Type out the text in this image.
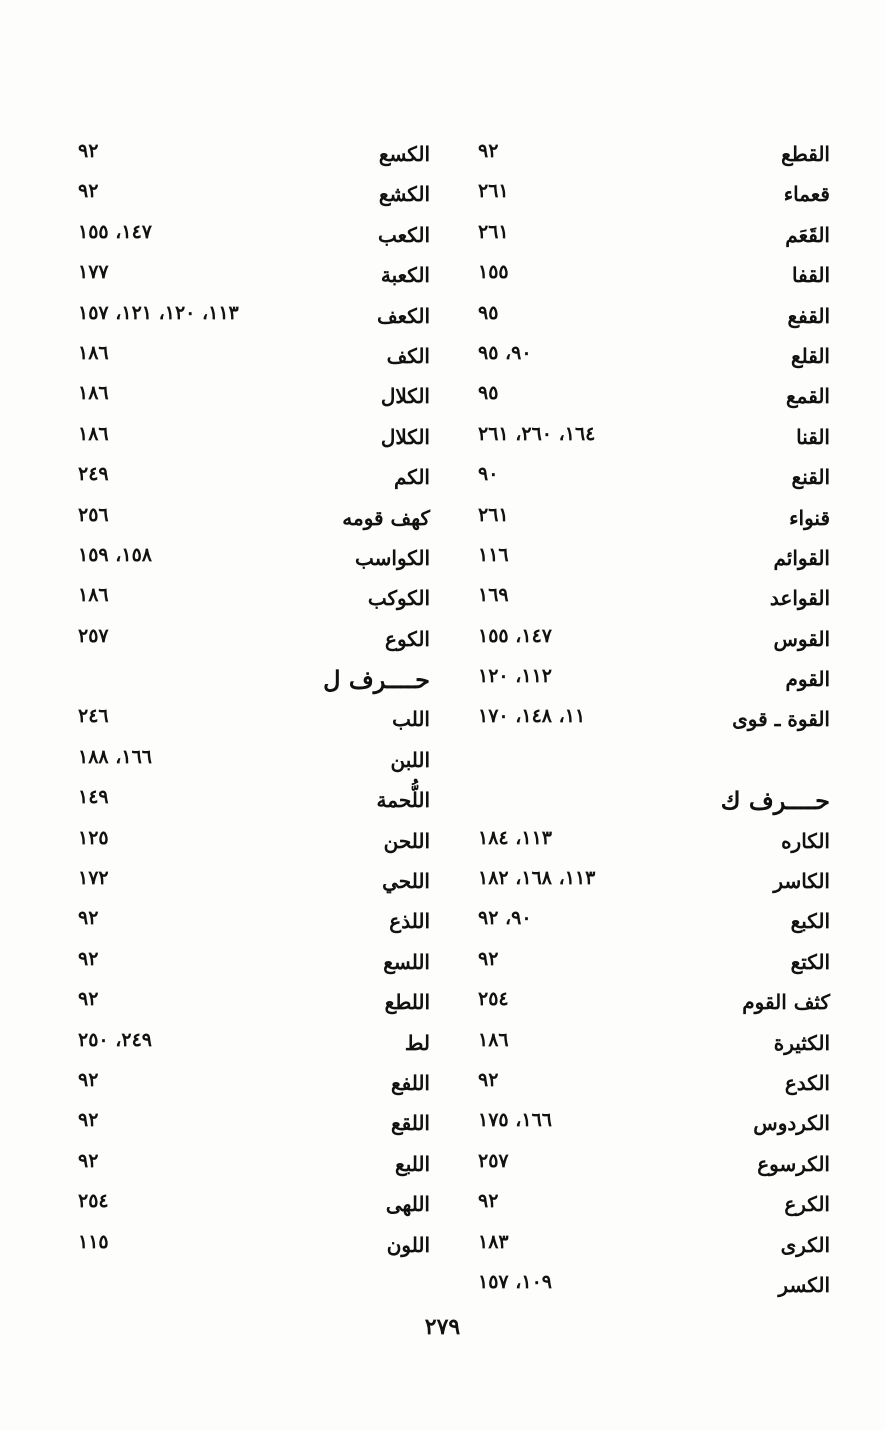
القطع
٩٢
قعماء
٢٦١
القَعَم
٢٦١
القفا
١٥٥
القفع
٩٥
القلع
٩٠، ٩٥
القمع
٩٥
القنا
١٦٤، ٢٦٠، ٢٦١
القنع
٩٠
قنواء
٢٦١
القوائم
١١٦
القواعد
١٦٩
القوس
١٤٧، ١٥٥
القوم
١١٢، ١٢٠
القوة ـ قوى
١١، ١٤٨، ١٧٠
حــــرف ك
الكاره
١١٣، ١٨٤
الكاسر
١١٣، ١٦٨، ١٨٢
الكبع
٩٠، ٩٢
الكتع
٩٢
كثف القوم
٢٥٤
الكثيرة
١٨٦
الكدع
٩٢
الكردوس
١٦٦، ١٧٥
الكرسوع
٢٥٧
الكرع
٩٢
الكرى
١٨٣
الكسر
١٠٩، ١٥٧
الكسع
٩٢
الكشع
٩٢
الكعب
١٤٧، ١٥٥
الكعبة
١٧٧
الكعف
١١٣، ١٢٠، ١٢١، ١٥٧
الكف
١٨٦
الكلال
١٨٦
الكلال
١٨٦
الكم
٢٤٩
كهف قومه
٢٥٦
الكواسب
١٥٨، ١٥٩
الكوكب
١٨٦
الكوع
٢٥٧
حــــرف ل
اللب
٢٤٦
اللبن
١٦٦، ١٨٨
اللُّحمة
١٤٩
اللحن
١٢٥
اللحي
١٧٢
اللذع
٩٢
اللسع
٩٢
اللطع
٩٢
لط
٢٤٩، ٢٥٠
اللفع
٩٢
اللقع
٩٢
اللبع
٩٢
اللهى
٢٥٤
اللون
١١٥
٢٧٩
